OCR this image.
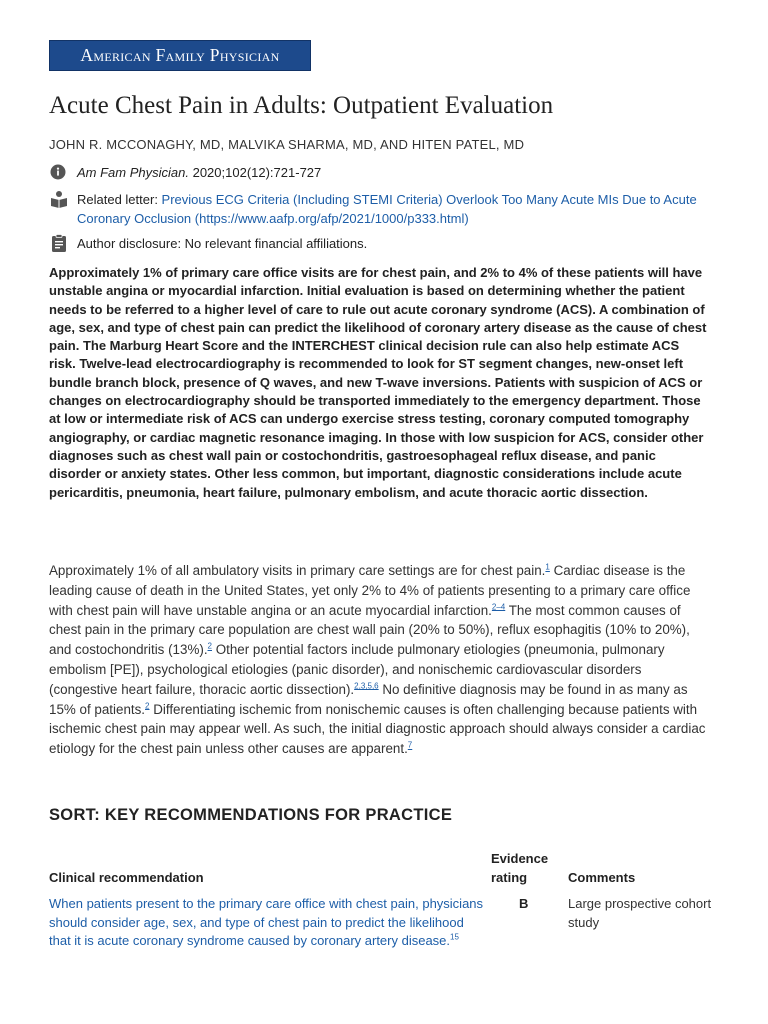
American Family Physician
Acute Chest Pain in Adults: Outpatient Evaluation
JOHN R. MCCONAGHY, MD, MALVIKA SHARMA, MD, AND HITEN PATEL, MD
Am Fam Physician. 2020;102(12):721-727
Related letter: Previous ECG Criteria (Including STEMI Criteria) Overlook Too Many Acute MIs Due to Acute Coronary Occlusion (https://www.aafp.org/afp/2021/1000/p333.html)
Author disclosure: No relevant financial affiliations.

Approximately 1% of primary care office visits are for chest pain, and 2% to 4% of these patients will have unstable angina or myocardial infarction. Initial evaluation is based on determining whether the patient needs to be referred to a higher level of care to rule out acute coronary syndrome (ACS). A combination of age, sex, and type of chest pain can predict the likelihood of coronary artery disease as the cause of chest pain. The Marburg Heart Score and the INTERCHEST clinical decision rule can also help estimate ACS risk. Twelve-lead electrocardiography is recommended to look for ST segment changes, new-onset left bundle branch block, presence of Q waves, and new T-wave inversions. Patients with suspicion of ACS or changes on electrocardiography should be transported immediately to the emergency department. Those at low or intermediate risk of ACS can undergo exercise stress testing, coronary computed tomography angiography, or cardiac magnetic resonance imaging. In those with low suspicion for ACS, consider other diagnoses such as chest wall pain or costochondritis, gastroesophageal reflux disease, and panic disorder or anxiety states. Other less common, but important, diagnostic considerations include acute pericarditis, pneumonia, heart failure, pulmonary embolism, and acute thoracic aortic dissection.

Approximately 1% of all ambulatory visits in primary care settings are for chest pain.$^1$ Cardiac disease is the leading cause of death in the United States, yet only 2% to 4% of patients presenting to a primary care office with chest pain will have unstable angina or an acute myocardial infarction.$^{2-4}$ The most common causes of chest pain in the primary care population are chest wall pain (20% to 50%), reflux esophagitis (10% to 20%), and costochondritis (13%).$^2$ Other potential factors include pulmonary etiologies (pneumonia, pulmonary embolism [PE]), psychological etiologies (panic disorder), and nonischemic cardiovascular disorders (congestive heart failure, thoracic aortic dissection).$^{2,3,5,6}$ No definitive diagnosis may be found in as many as 15% of patients.$^2$ Differentiating ischemic from nonischemic causes is often challenging because patients with ischemic chest pain may appear well. As such, the initial diagnostic approach should always consider a cardiac etiology for the chest pain unless other causes are apparent.$^7$

SORT: KEY RECOMMENDATIONS FOR PRACTICE
Clinical recommendation
Evidence rating	Comments
When patients present to the primary care office with chest pain, physicians should consider age, sex, and type of chest pain to predict the likelihood that it is acute coronary syndrome caused by coronary artery disease.$^{15}$
B	Large prospective cohort study
